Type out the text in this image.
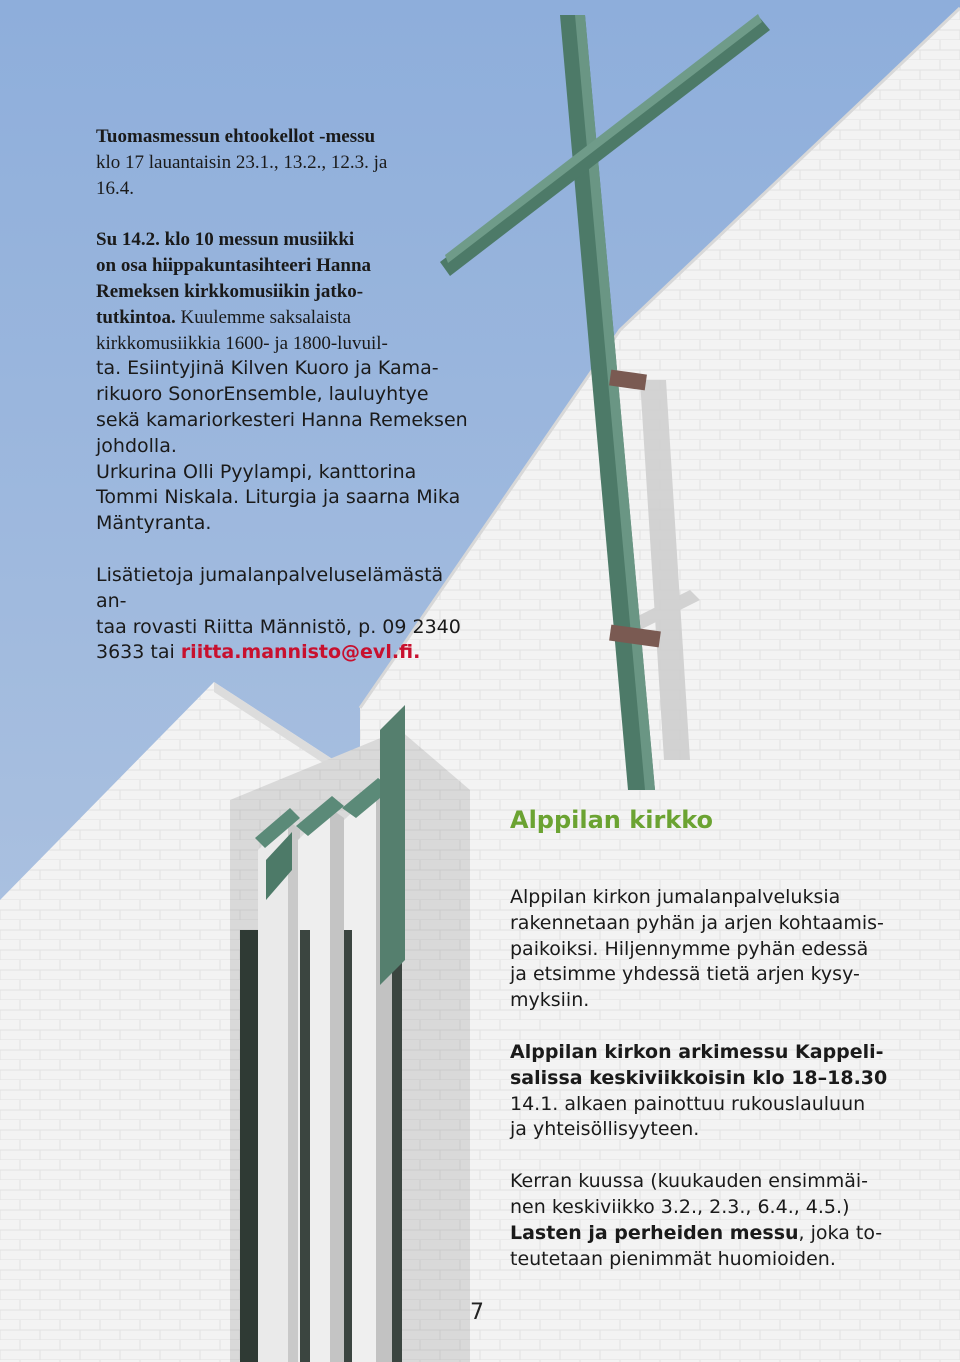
Tuomasmessun ehtookellot -messu

klo 17 lauantaisin 23.1., 13.2., 12.3. ja

16.4.

Su 14.2. klo 10 messun musiikki

on osa hiippakuntasihteeri Hanna

Remeksen kirkkomusiikin jatko-

tutkintoa. Kuulemme saksalaista

kirkkomusiikkia 1600- ja 1800-luvuil-

ta. Esiintyjinä Kilven Kuoro ja Kama-

rikuoro SonorEnsemble, lauluyhtye

sekä kamariorkesteri Hanna Remeksen

johdolla.

Urkurina Olli Pyylampi, kanttorina

Tommi Niskala. Liturgia ja saarna Mika

Mäntyranta.

Lisätietoja jumalanpalveluselämästä an-

taa rovasti Riitta Männistö, p. 09 2340

3633 tai riitta.mannisto@evl.fi.

Alppilan kirkko

Alppilan kirkon jumalanpalveluksia

rakennetaan pyhän ja arjen kohtaamis-

paikoiksi. Hiljennymme pyhän edessä

ja etsimme yhdessä tietä arjen kysy-

myksiin.

Alppilan kirkon arkimessu Kappeli-

salissa keskiviikkoisin klo 18–18.30

14.1. alkaen painottuu rukouslauluun

ja yhteisöllisyyteen.

Kerran kuussa (kuukauden ensimmäi-

nen keskiviikko 3.2., 2.3., 6.4., 4.5.)

Lasten ja perheiden messu, joka to-

teutetaan pienimmät huomioiden.

7
